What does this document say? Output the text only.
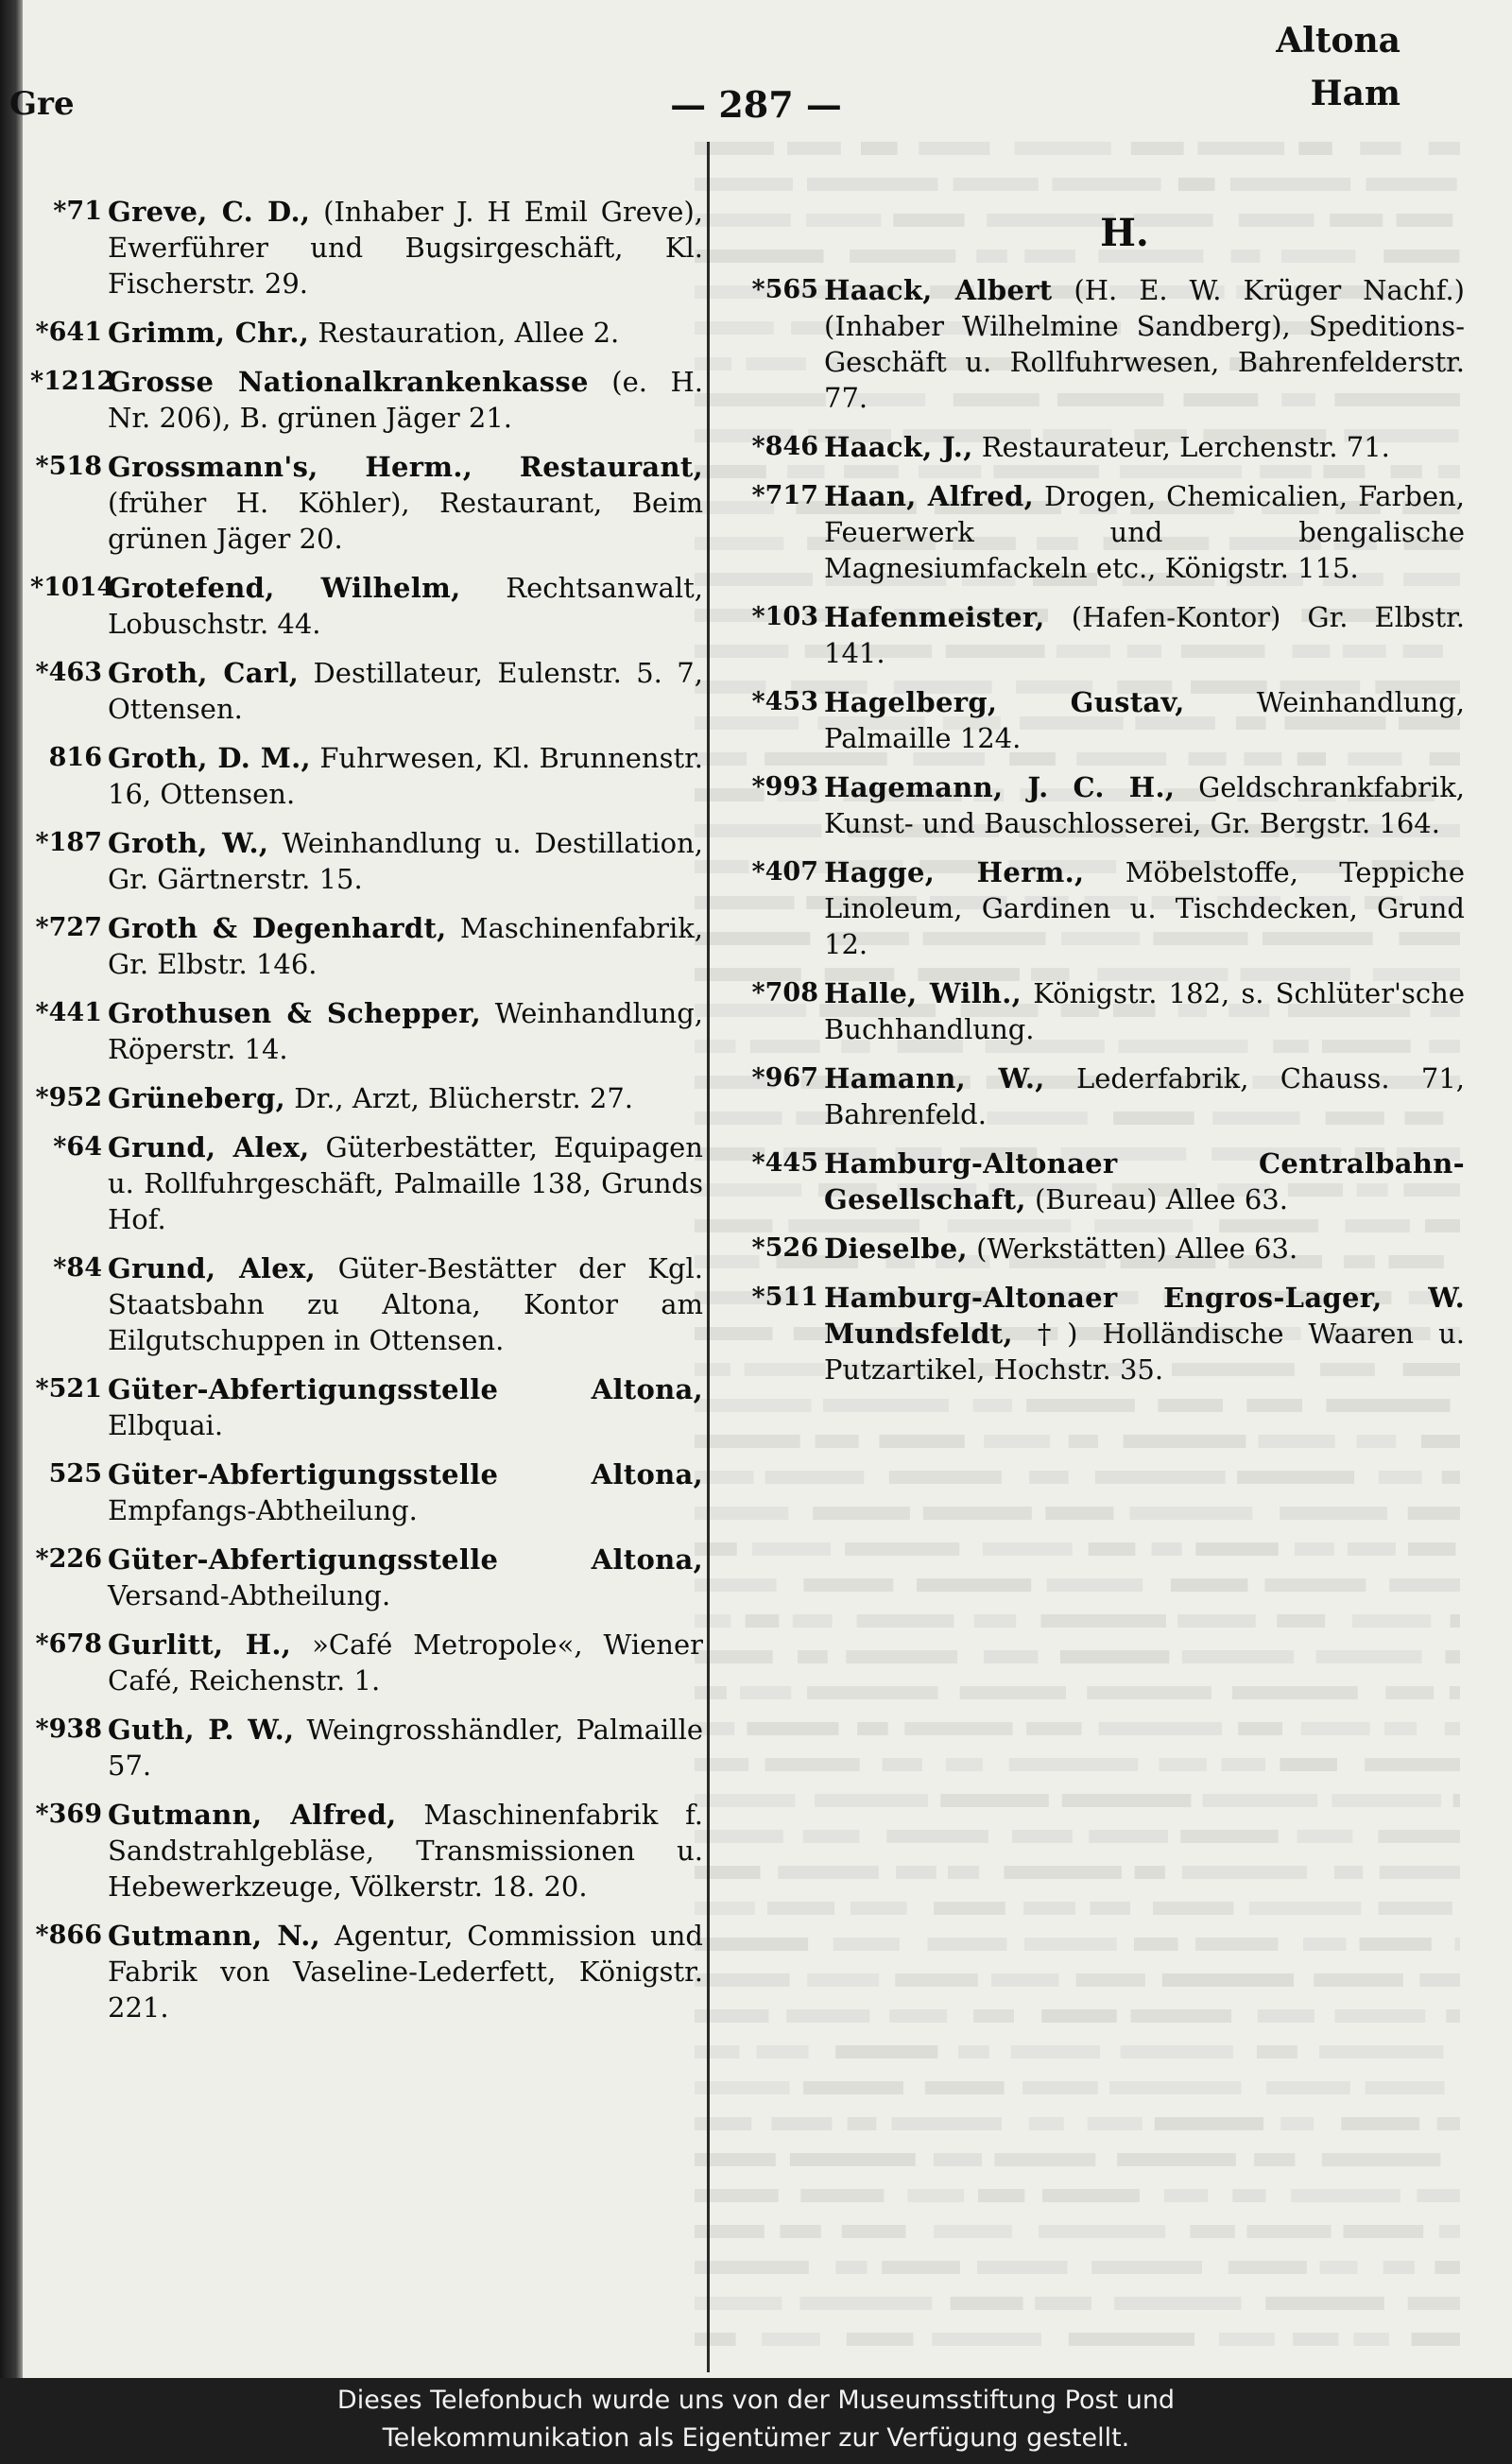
Gre	— 287 —
Altona
Ham
*71 Greve, C. D., (Inhaber J. H Emil Greve), Ewerführer und Bugsirgeschäft, Kl. Fischerstr. 29.
*641 Grimm, Chr., Restauration, Allee 2.
*1212
Grosse Nationalkrankenkasse (e. H. Nr. 206), B. grünen Jäger 21.
*518 Grossmann's, Herm., Restaurant, (früher H. Köhler), Restaurant, Beim grünen Jäger 20.
*1014
Grotefend, Wilhelm, Rechtsanwalt, Lobuschstr. 44.
*463 Groth, Carl, Destillateur, Eulenstr. 5. 7, Ottensen.
816 Groth, D. M., Fuhrwesen, Kl. Brunnenstr. 16, Ottensen.
*187 Groth, W., Weinhandlung u. Destillation, Gr. Gärtnerstr. 15.
*727 Groth & Degenhardt, Maschinenfabrik, Gr. Elbstr. 146.
*441 Grothusen & Schepper, Weinhandlung, Röperstr. 14.
*952 Grüneberg, Dr., Arzt, Blücherstr. 27.
*64 Grund, Alex, Güterbestätter, Equipagen u. Rollfuhrgeschäft, Palmaille 138, Grunds Hof.
*84 Grund, Alex, Güter-Bestätter der Kgl. Staatsbahn zu Altona, Kontor am Eilgutschuppen in Ottensen.
*521 Güter-Abfertigungsstelle Altona, Elbquai.
525 Güter-Abfertigungsstelle Altona, Empfangs-Abtheilung.
*226 Güter-Abfertigungsstelle Altona, Versand-Abtheilung.
*678 Gurlitt, H., »Café Metropole«, Wiener Café, Reichenstr. 1.
*938 Guth, P. W., Weingrosshändler, Palmaille 57.
*369 Gutmann, Alfred, Maschinenfabrik f. Sandstrahlgebläse, Transmissionen u. Hebewerkzeuge, Völkerstr. 18. 20.
*866 Gutmann, N., Agentur, Commission und Fabrik von Vaseline-Lederfett, Königstr. 221.
H.
*565 Haack, Albert (H. E. W. Krüger Nachf.) (Inhaber Wilhelmine Sandberg), Speditions-Geschäft u. Rollfuhrwesen, Bahrenfelderstr. 77.
*846 Haack, J., Restaurateur, Lerchenstr. 71.
*717 Haan, Alfred, Drogen, Chemicalien, Farben, Feuerwerk und bengalische Magnesiumfackeln etc., Königstr. 115.
*103 Hafenmeister, (Hafen-Kontor) Gr. Elbstr. 141.
*453 Hagelberg, Gustav, Weinhandlung, Palmaille 124.
*993 Hagemann, J. C. H., Geldschrankfabrik, Kunst- und Bauschlosserei, Gr. Bergstr. 164.
*407 Hagge, Herm., Möbelstoffe, Teppiche Linoleum, Gardinen u. Tischdecken, Grund 12.
*708 Halle, Wilh., Königstr. 182, s. Schlüter'sche Buchhandlung.
*967 Hamann, W., Lederfabrik, Chauss. 71, Bahrenfeld.
*445 Hamburg-Altonaer Centralbahn-Gesellschaft, (Bureau) Allee 63.
*526 Dieselbe, (Werkstätten) Allee 63.
*511 Hamburg-Altonaer Engros-Lager, W. Mundsfeldt, †) Holländische Waaren u. Putzartikel, Hochstr. 35.
Dieses Telefonbuch wurde uns von der Museumsstiftung Post und
Telekommunikation als Eigentümer zur Verfügung gestellt.
